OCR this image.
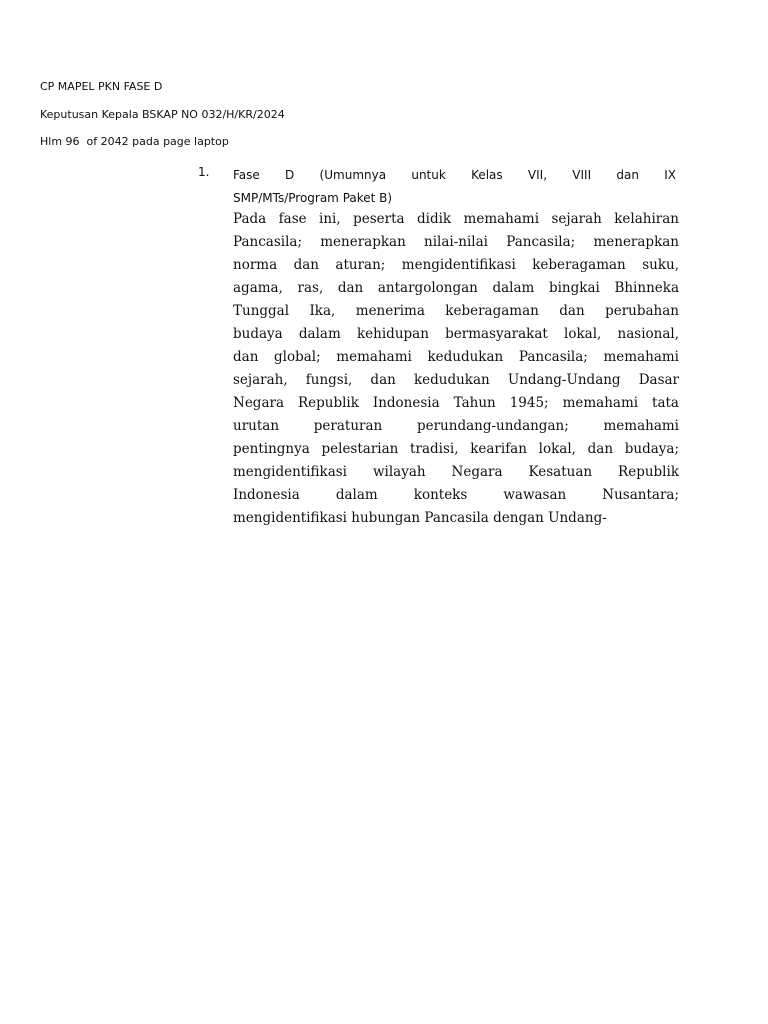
CP MAPEL PKN FASE D
Keputusan Kepala BSKAP NO 032/H/KR/2024
Hlm 96  of 2042 pada page laptop
1. Fase D (Umumnya untuk Kelas VII, VIII dan IX
SMP/MTs/Program Paket B)
Pada fase ini, peserta didik memahami sejarah kelahiran
Pancasila; menerapkan nilai-nilai Pancasila; menerapkan
norma dan aturan; mengidentifikasi keberagaman suku,
agama, ras, dan antargolongan dalam bingkai Bhinneka
Tunggal Ika, menerima keberagaman dan perubahan
budaya dalam kehidupan bermasyarakat lokal, nasional,
dan global; memahami kedudukan Pancasila; memahami
sejarah, fungsi, dan kedudukan Undang-Undang Dasar
Negara Republik Indonesia Tahun 1945; memahami tata
urutan peraturan perundang-undangan; memahami
pentingnya pelestarian tradisi, kearifan lokal, dan budaya;
mengidentifikasi wilayah Negara Kesatuan Republik
Indonesia dalam konteks wawasan Nusantara;
mengidentifikasi hubungan Pancasila dengan Undang-
